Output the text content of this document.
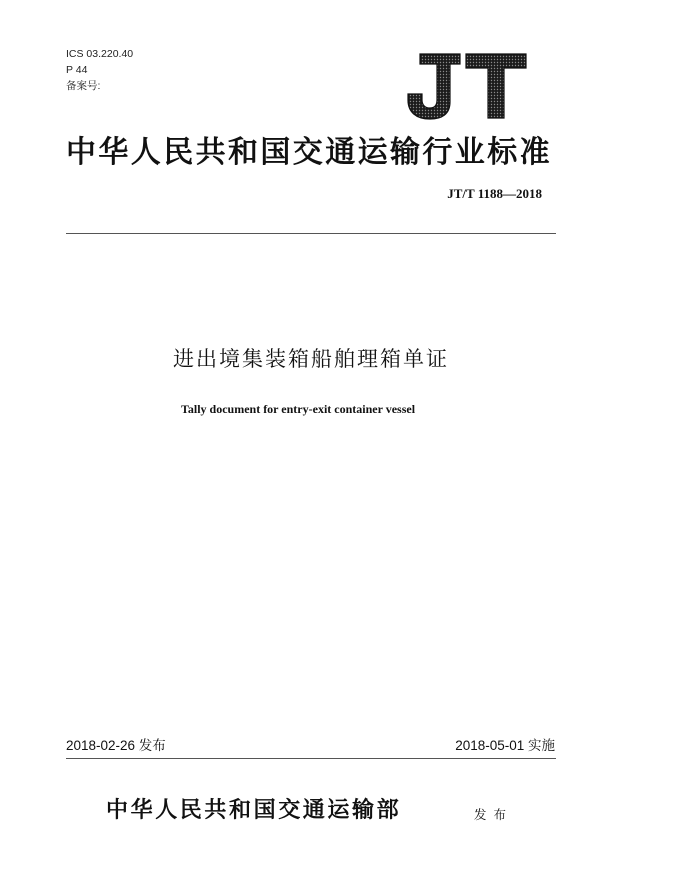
ICS 03.220.40
P 44
备案号:
中华人民共和国交通运输行业标准
JT/T 1188—2018
进出境集装箱船舶理箱单证
Tally document for entry-exit container vessel
2018-02-26 发布	2018-05-01 实施
中华人民共和国交通运输部	发布
